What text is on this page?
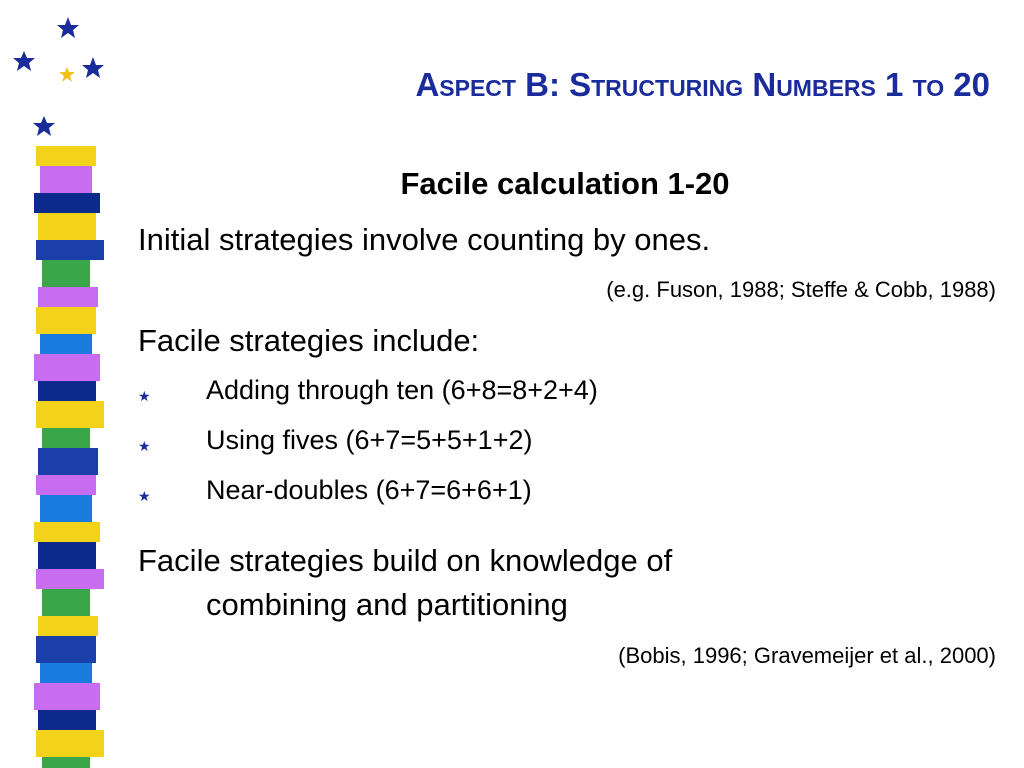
Aspect B: Structuring Numbers 1 to 20
Facile calculation 1-20
Initial strategies involve counting by ones.
(e.g. Fuson, 1988; Steffe & Cobb, 1988)
Facile strategies include:
★ Adding through ten (6+8=8+2+4)
★ Using fives (6+7=5+5+1+2)
★ Near-doubles (6+7=6+6+1)
Facile strategies build on knowledge of
combining and partitioning
(Bobis, 1996; Gravemeijer et al., 2000)
